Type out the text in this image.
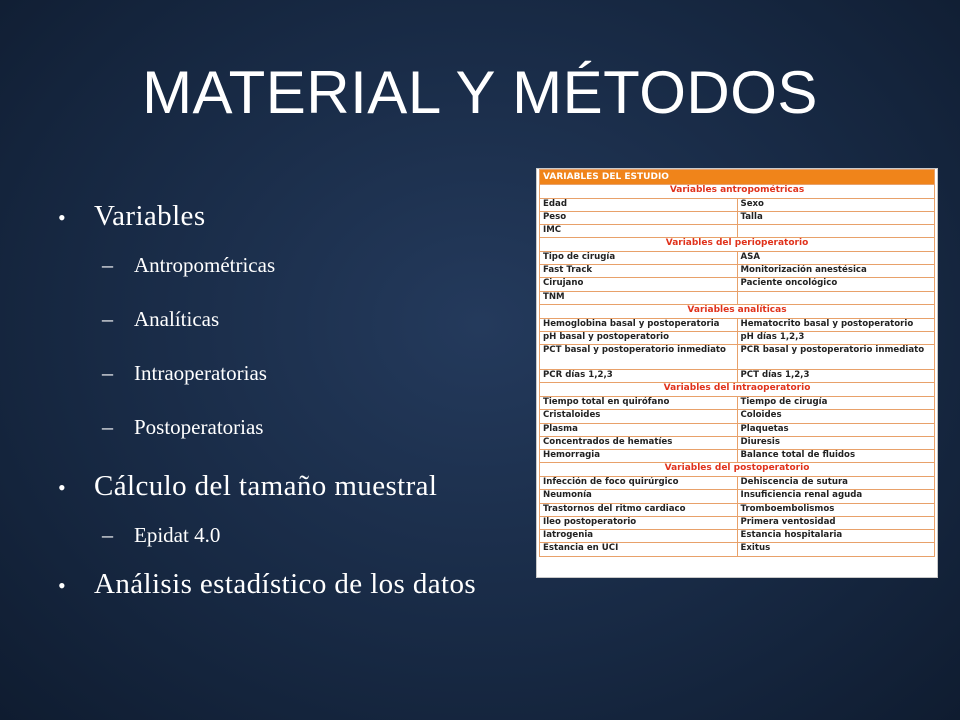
MATERIAL Y MÉTODOS
• Variables
–	Antropométricas
–	Analíticas
–	Intraoperatorias
–	Postoperatorias
• Cálculo del tamaño muestral
–	Epidat 4.0
• Análisis estadístico de los datos
VARIABLES DEL ESTUDIO	
Variables antropométricas	
Edad	Sexo
Peso	Talla
IMC	
Variables del perioperatorio	
Tipo de cirugía	ASA
Fast Track	Monitorización anestésica
Cirujano	Paciente oncológico
TNM	
Variables analíticas	
Hemoglobina basal y postoperatoria	Hematocrito basal y postoperatorio
pH basal y postoperatorio	pH días 1,2,3
PCT basal y postoperatorio inmediato	PCR basal y postoperatorio inmediato
PCR días 1,2,3	PCT días 1,2,3
Variables del intraoperatorio	
Tiempo total en quirófano	Tiempo de cirugía
Cristaloides	Coloides
Plasma	Plaquetas
Concentrados de hematíes	Diuresis
Hemorragia	Balance total de fluidos
Variables del postoperatorio	
Infección de foco quirúrgico	Dehiscencia de sutura
Neumonía	Insuficiencia renal aguda
Trastornos del ritmo cardiaco	Tromboembolismos
Íleo postoperatorio	Primera ventosidad
Iatrogenia	Estancia hospitalaria
Estancia en UCI	Éxitus
